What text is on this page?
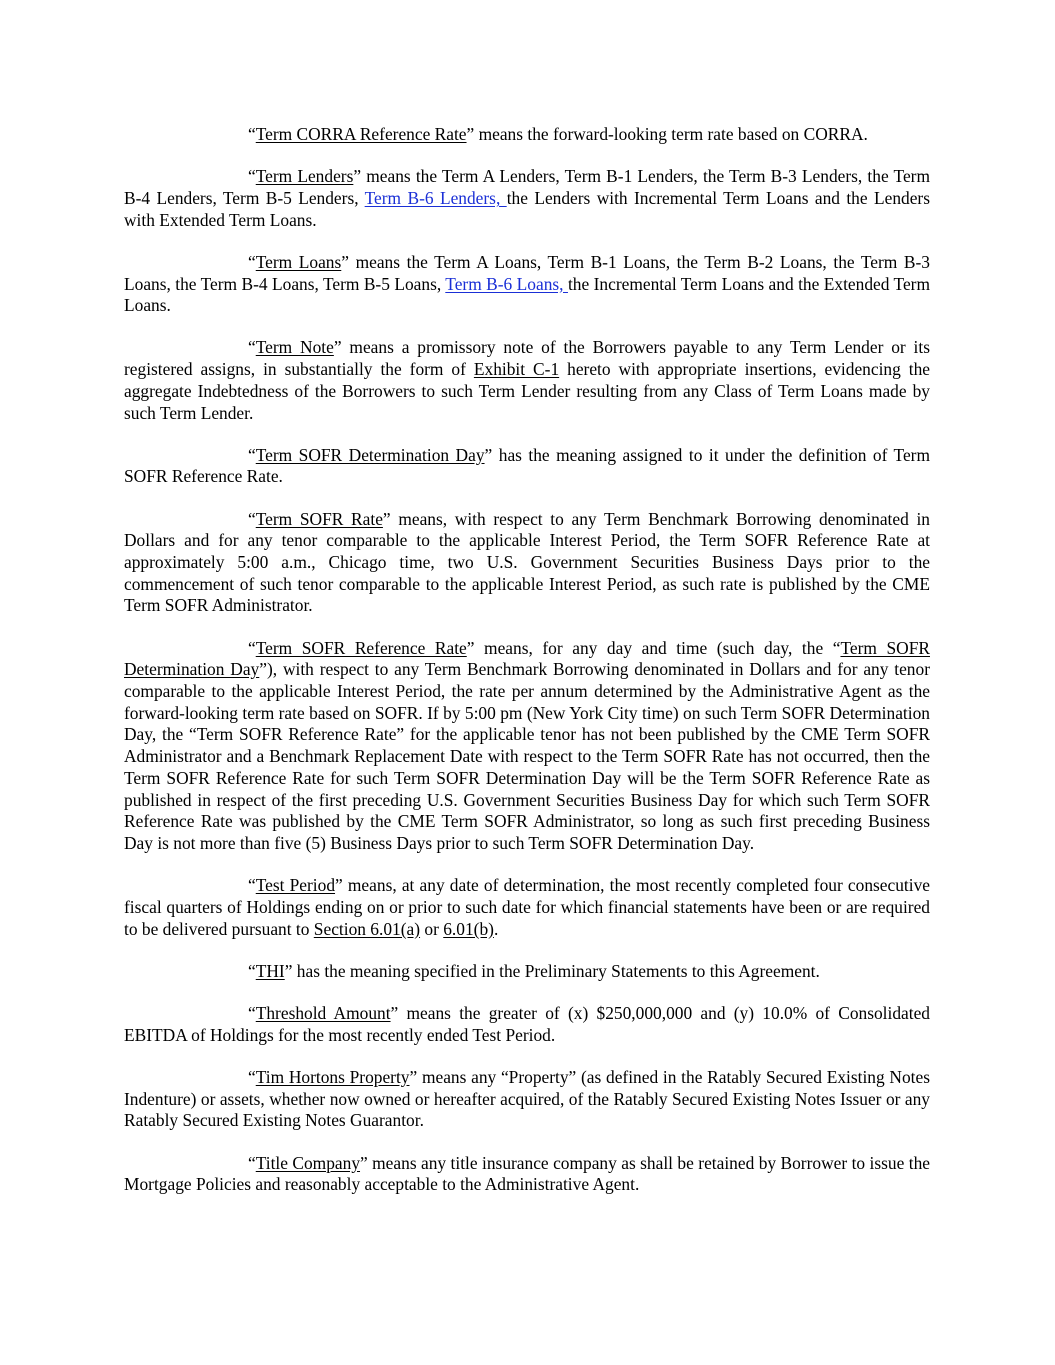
“Term CORRA Reference Rate” means the forward-looking term rate based on CORRA.

“Term Lenders” means the Term A Lenders, Term B-1 Lenders, the Term B-3 Lenders, the Term B-4 Lenders, Term B-5 Lenders, Term B-6 Lenders, the Lenders with Incremental Term Loans and the Lenders with Extended Term Loans.

“Term Loans” means the Term A Loans, Term B-1 Loans, the Term B-2 Loans, the Term B-3 Loans, the Term B-4 Loans, Term B-5 Loans, Term B-6 Loans, the Incremental Term Loans and the Extended Term Loans.

“Term Note” means a promissory note of the Borrowers payable to any Term Lender or its registered assigns, in substantially the form of Exhibit C-1 hereto with appropriate insertions, evidencing the aggregate Indebtedness of the Borrowers to such Term Lender resulting from any Class of Term Loans made by such Term Lender.

“Term SOFR Determination Day” has the meaning assigned to it under the definition of Term SOFR Reference Rate.

“Term SOFR Rate” means, with respect to any Term Benchmark Borrowing denominated in Dollars and for any tenor comparable to the applicable Interest Period, the Term SOFR Reference Rate at approximately 5:00 a.m., Chicago time, two U.S. Government Securities Business Days prior to the commencement of such tenor comparable to the applicable Interest Period, as such rate is published by the CME Term SOFR Administrator.

“Term SOFR Reference Rate” means, for any day and time (such day, the “Term SOFR Determination Day”), with respect to any Term Benchmark Borrowing denominated in Dollars and for any tenor comparable to the applicable Interest Period, the rate per annum determined by the Administrative Agent as the forward-looking term rate based on SOFR. If by 5:00 pm (New York City time) on such Term SOFR Determination Day, the “Term SOFR Reference Rate” for the applicable tenor has not been published by the CME Term SOFR Administrator and a Benchmark Replacement Date with respect to the Term SOFR Rate has not occurred, then the Term SOFR Reference Rate for such Term SOFR Determination Day will be the Term SOFR Reference Rate as published in respect of the first preceding U.S. Government Securities Business Day for which such Term SOFR Reference Rate was published by the CME Term SOFR Administrator, so long as such first preceding Business Day is not more than five (5) Business Days prior to such Term SOFR Determination Day.

“Test Period” means, at any date of determination, the most recently completed four consecutive fiscal quarters of Holdings ending on or prior to such date for which financial statements have been or are required to be delivered pursuant to Section 6.01(a) or 6.01(b).

“THI” has the meaning specified in the Preliminary Statements to this Agreement.

“Threshold Amount” means the greater of (x) $250,000,000 and (y) 10.0% of Consolidated EBITDA of Holdings for the most recently ended Test Period.

“Tim Hortons Property” means any “Property” (as defined in the Ratably Secured Existing Notes Indenture) or assets, whether now owned or hereafter acquired, of the Ratably Secured Existing Notes Issuer or any Ratably Secured Existing Notes Guarantor.

“Title Company” means any title insurance company as shall be retained by Borrower to issue the Mortgage Policies and reasonably acceptable to the Administrative Agent.
